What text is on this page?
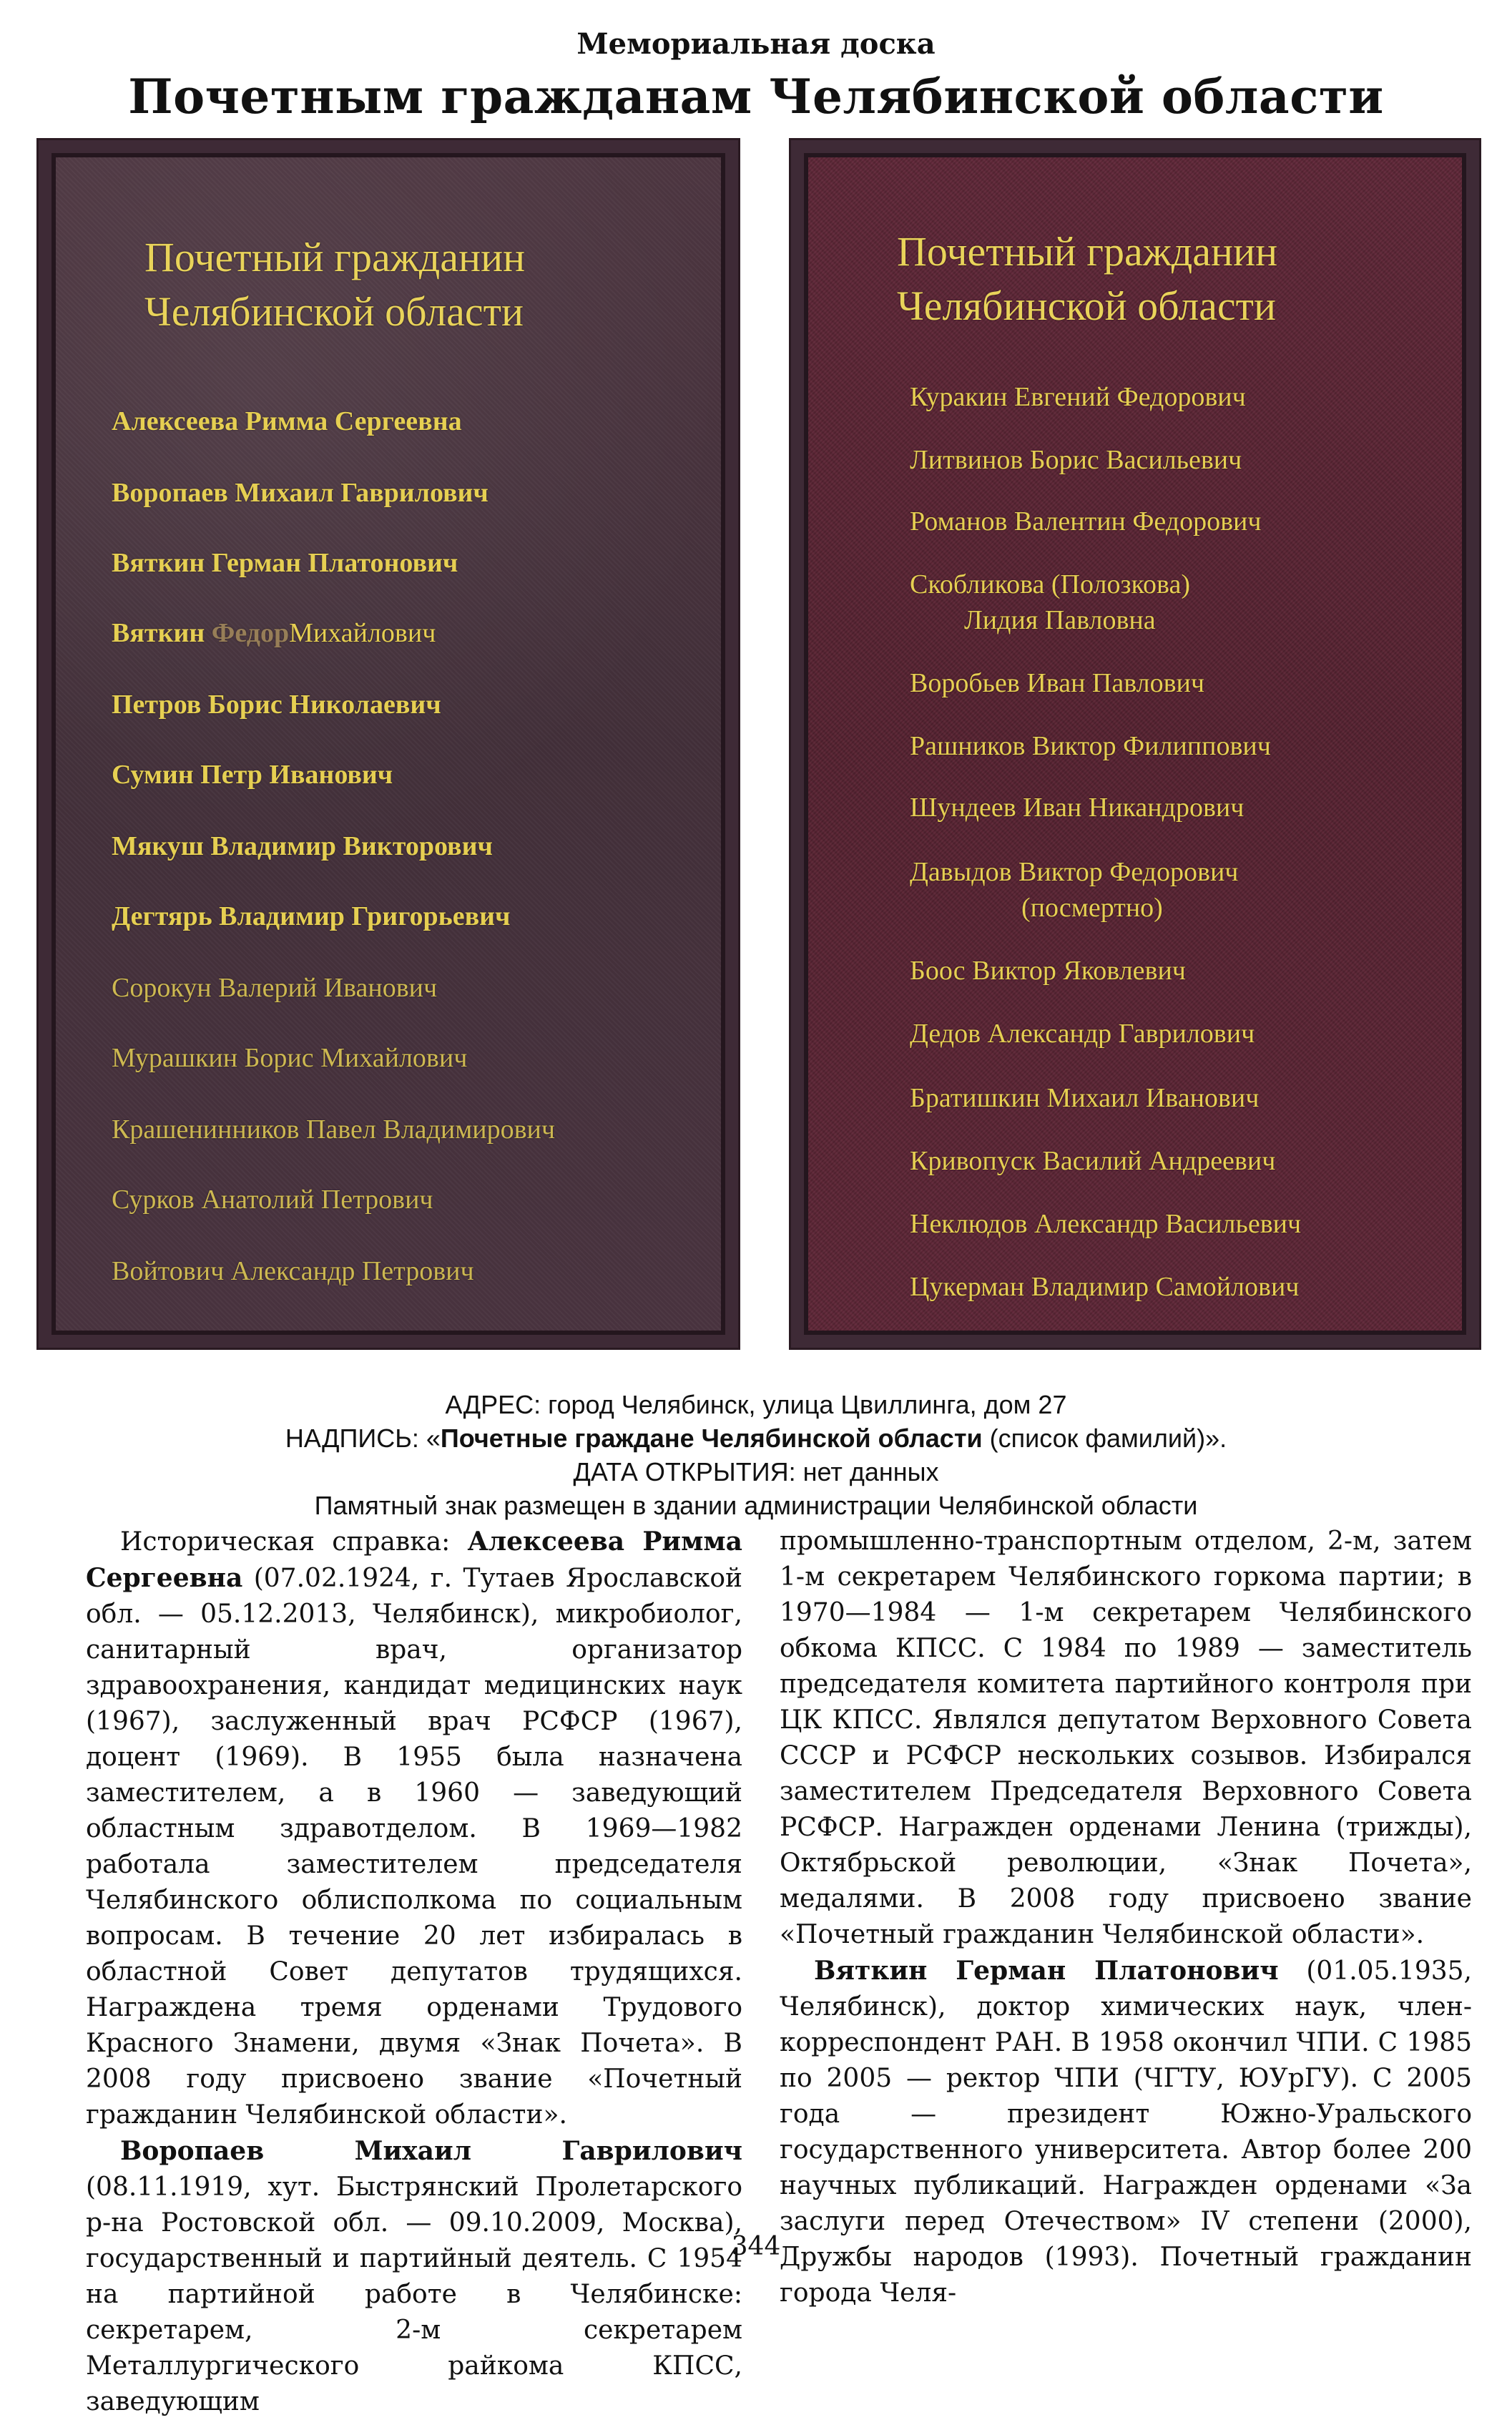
Мемориальная доска
Почетным гражданам Челябинской области
Почетный гражданин
Челябинской области
Алексеева Римма Сергеевна
Воропаев Михаил Гаврилович
Вяткин Герман Платонович
Вяткин ФедорМихайлович
Петров Борис Николаевич
Сумин Петр Иванович
Мякуш Владимир Викторович
Дегтярь Владимир Григорьевич
Сорокун Валерий Иванович
Мурашкин Борис Михайлович
Крашенинников Павел Владимирович
Сурков Анатолий Петрович
Войтович Александр Петрович
Почетный гражданин
Челябинской области
Куракин Евгений Федорович
Литвинов Борис Васильевич
Романов Валентин Федорович
Скобликова (Полозкова)
Лидия Павловна
Воробьев Иван Павлович
Рашников Виктор Филиппович
Шундеев Иван Никандрович
Давыдов Виктор Федорович
(посмертно)
Боос Виктор Яковлевич
Дедов Александр Гаврилович
Братишкин Михаил Иванович
Кривопуск Василий Андреевич
Неклюдов Александр Васильевич
Цукерман Владимир Самойлович
АДРЕС: город Челябинск, улица Цвиллинга, дом 27
НАДПИСЬ: «Почетные граждане Челябинской области (список фамилий)».
ДАТА ОТКРЫТИЯ: нет данных
Памятный знак размещен в здании администрации Челябинской области

Историческая справка: Алексеева Римма Сергеевна (07.02.1924, г. Тутаев Ярославской обл. — 05.12.2013, Челябинск), микробиолог, санитарный врач, организатор здравоохранения, кандидат медицинских наук (1967), заслуженный врач РСФСР (1967), доцент (1969). В 1955 была назначена заместителем, а в 1960 — заведующий областным здравотделом. В 1969—1982 работала заместителем председателя Челябинского облисполкома по социальным вопросам. В течение 20 лет избиралась в областной Совет депутатов трудящихся. Награждена тремя орденами Трудового Красного Знамени, двумя «Знак Почета». В 2008 году присвоено звание «Почетный гражданин Челябинской области».

Воропаев Михаил Гаврилович (08.11.1919, хут. Быстрянский Пролетарского р-на Ростовской обл. — 09.10.2009, Москва), государственный и партийный деятель. С 1954 на партийной работе в Челябинске: секретарем, 2-м секретарем Металлургического райкома КПСС, заведующим

промышленно-транспортным отделом, 2-м, затем 1-м секретарем Челябинского горкома партии; в 1970—1984 — 1-м секретарем Челябинского обкома КПСС. С 1984 по 1989 — заместитель председателя комитета партийного контроля при ЦК КПСС. Являлся депутатом Верховного Совета СССР и РСФСР нескольких созывов. Избирался заместителем Председателя Верховного Совета РСФСР. Награжден орденами Ленина (трижды), Октябрьской революции, «Знак Почета», медалями. В 2008 году присвоено звание «Почетный гражданин Челябинской области».

Вяткин Герман Платонович (01.05.1935, Челябинск), доктор химических наук, член-корреспондент РАН. В 1958 окончил ЧПИ. С 1985 по 2005 — ректор ЧПИ (ЧГТУ, ЮУрГУ). С 2005 года — президент Южно-Уральского государственного университета. Автор более 200 научных публикаций. Награжден орденами «За заслуги перед Отечеством» IV степени (2000), Дружбы народов (1993). Почетный гражданин города Челя-

344
